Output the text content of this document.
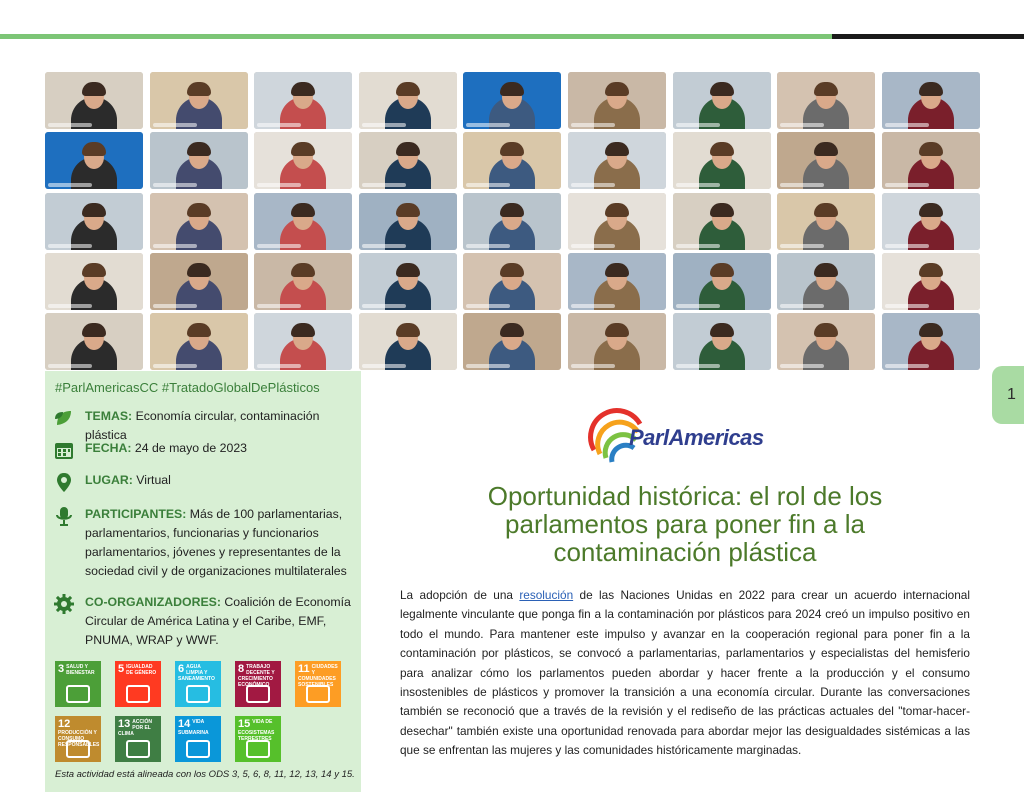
#ParlAmericasCC #TratadoGlobalDePlásticos
TEMAS: Economía circular, contaminación plástica
FECHA: 24 de mayo de 2023
LUGAR: Virtual
PARTICIPANTES: Más de 100 parlamentarias, parlamentarios, funcionarias y funcionarios parlamentarios, jóvenes y representantes de la sociedad civil y de organizaciones multilaterales
CO-ORGANIZADORES: Coalición de Economía Circular de América Latina y el Caribe, EMF, PNUMA, WRAP y WWF.
3 SALUD Y BIENESTAR	5 IGUALDAD DE GÉNERO	6 AGUA LIMPIA Y SANEAMIENTO
8 TRABAJO DECENTE Y CRECIMIENTO ECONÓMICO
11 CIUDADES Y COMUNIDADES SOSTENIBLES
12
PRODUCCIÓN Y CONSUMO RESPONSABLES
13 ACCIÓN POR EL CLIMA
14 VIDA SUBMARINA
15 VIDA DE ECOSISTEMAS TERRESTRES
Esta actividad está alineada con los ODS 3, 5, 6, 8, 11, 12, 13, 14 y 15.
ParlAmericas
Oportunidad histórica: el rol de los parlamentos para poner fin a la contaminación plástica
La adopción de una resolución de las Naciones Unidas en 2022 para crear un acuerdo internacional legalmente vinculante que ponga fin a la contaminación por plásticos para 2024 creó un impulso positivo en todo el mundo. Para mantener este impulso y avanzar en la cooperación regional para poner fin a la contaminación por plásticos, se convocó a parlamentarias, parlamentarios y especialistas del hemisferio para analizar cómo los parlamentos pueden abordar y hacer frente a la producción y el consumo insostenibles de plásticos y promover la transición a una economía circular. Durante las conversaciones también se reconoció que a través de la revisión y el rediseño de las prácticas actuales del "tomar-hacer-desechar" también existe una oportunidad renovada para abordar mejor las desigualdades sistémicas a las que se enfrentan las mujeres y las comunidades históricamente marginadas.
1
